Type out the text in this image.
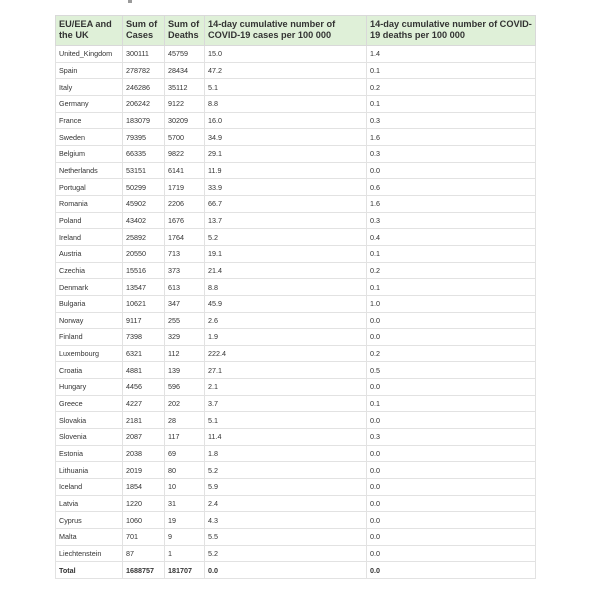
EU/EEA and the UK	Sum of Cases	Sum of Deaths	14-day cumulative number of COVID-19 cases per 100 000	14-day cumulative number of COVID-19 deaths per 100 000
United_Kingdom	300111	45759	15.0	1.4
Spain	278782	28434	47.2	0.1
Italy	246286	35112	5.1	0.2
Germany	206242	9122	8.8	0.1
France	183079	30209	16.0	0.3
Sweden	79395	5700	34.9	1.6
Belgium	66335	9822	29.1	0.3
Netherlands	53151	6141	11.9	0.0
Portugal	50299	1719	33.9	0.6
Romania	45902	2206	66.7	1.6
Poland	43402	1676	13.7	0.3
Ireland	25892	1764	5.2	0.4
Austria	20550	713	19.1	0.1
Czechia	15516	373	21.4	0.2
Denmark	13547	613	8.8	0.1
Bulgaria	10621	347	45.9	1.0
Norway	9117	255	2.6	0.0
Finland	7398	329	1.9	0.0
Luxembourg	6321	112	222.4	0.2
Croatia	4881	139	27.1	0.5
Hungary	4456	596	2.1	0.0
Greece	4227	202	3.7	0.1
Slovakia	2181	28	5.1	0.0
Slovenia	2087	117	11.4	0.3
Estonia	2038	69	1.8	0.0
Lithuania	2019	80	5.2	0.0
Iceland	1854	10	5.9	0.0
Latvia	1220	31	2.4	0.0
Cyprus	1060	19	4.3	0.0
Malta	701	9	5.5	0.0
Liechtenstein	87	1	5.2	0.0
Total	1688757	181707	0.0	0.0
